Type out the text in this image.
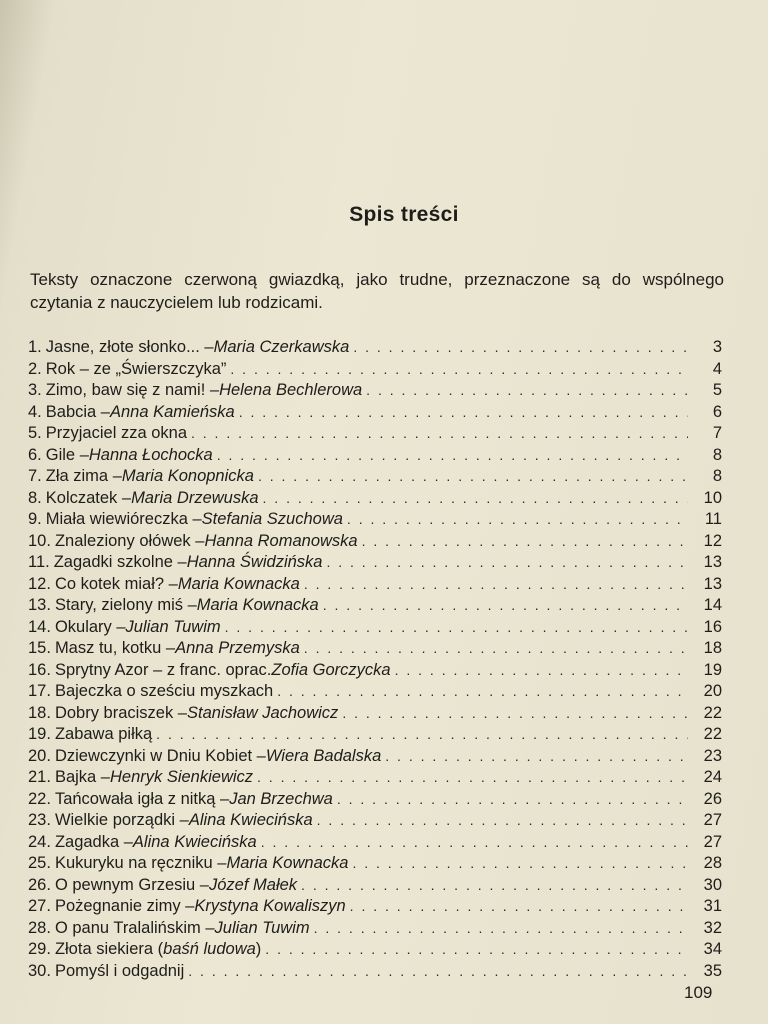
Spis treści
Teksty oznaczone czerwoną gwiazdką, jako trudne, przeznaczone są do wspólnego czytania z nauczycielem lub rodzicami.
1. Jasne, złote słonko... – Maria Czerkawska . . .	3
2. Rok – ze „Świerszczyka” . . .	4
3. Zimo, baw się z nami! – Helena Bechlerowa . . .	5
4. Babcia – Anna Kamieńska . . .	6
5. Przyjaciel zza okna . . .	7
6. Gile – Hanna Łochocka . . .	8
7. Zła zima – Maria Konopnicka . . .	8
8. Kolczatek – Maria Drzewuska . . .	10
9. Miała wiewióreczka – Stefania Szuchowa . . .	11
10. Znaleziony ołówek – Hanna Romanowska . . .	12
11. Zagadki szkolne – Hanna Świdzińska . . .	13
12. Co kotek miał? – Maria Kownacka . . .	13
13. Stary, zielony miś – Maria Kownacka . . .	14
14. Okulary – Julian Tuwim . . .	16
15. Masz tu, kotku – Anna Przemyska . . .	18
16. Sprytny Azor – z franc. oprac. Zofia Gorczycka . . .	19
17. Bajeczka o sześciu myszkach . . .	20
18. Dobry braciszek – Stanisław Jachowicz . . .	22
19. Zabawa piłką . . .	22
20. Dziewczynki w Dniu Kobiet – Wiera Badalska . . .	23
21. Bajka – Henryk Sienkiewicz . . .	24
22. Tańcowała igła z nitką – Jan Brzechwa . . .	26
23. Wielkie porządki – Alina Kwiecińska . . .	27
24. Zagadka – Alina Kwiecińska . . .	27
25. Kukuryku na ręczniku – Maria Kownacka . . .	28
26. O pewnym Grzesiu – Józef Małek . . .	30
27. Pożegnanie zimy – Krystyna Kowaliszyn . . .	31
28. O panu Tralalińskim – Julian Tuwim . . .	32
29. Złota siekiera ( baśń ludowa ) . . .	34
30. Pomyśl i odgadnij . . .	35
109
